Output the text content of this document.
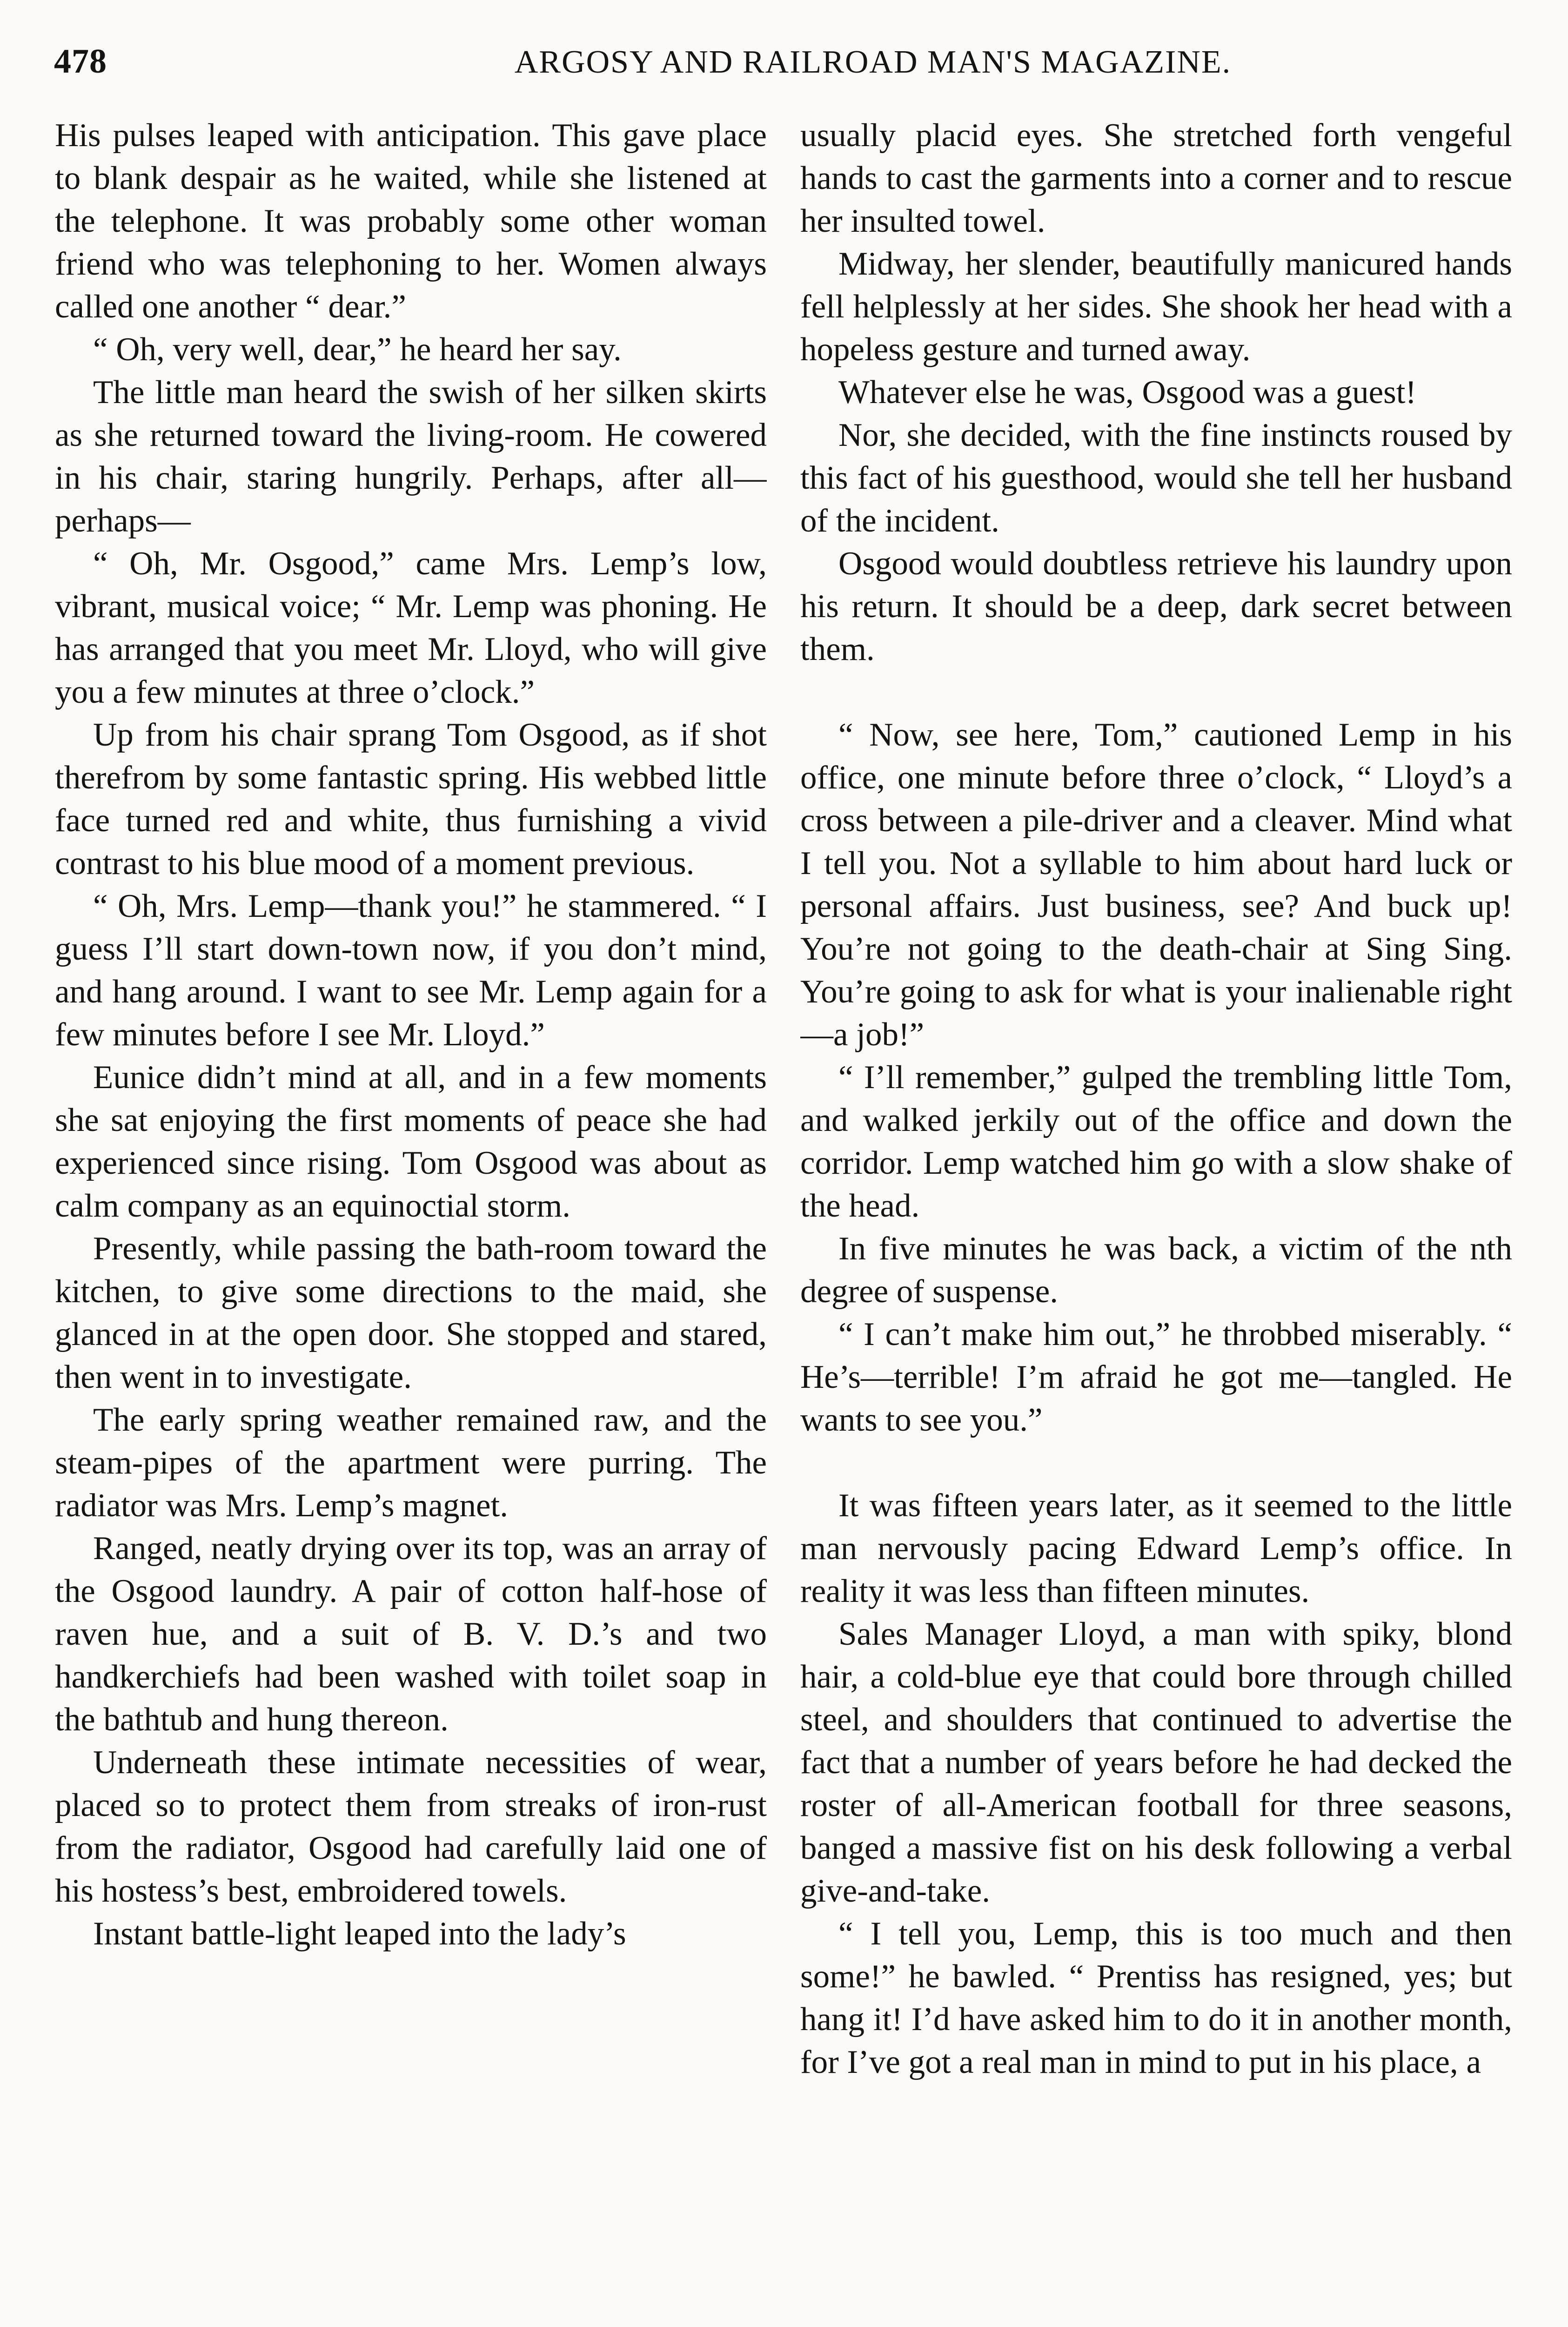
478	ARGOSY AND RAILROAD MAN'S MAGAZINE.

His pulses leaped with anticipation. This gave place to blank despair as he waited, while she listened at the telephone. It was probably some other woman friend who was telephoning to her. Women always called one another “ dear.”

“ Oh, very well, dear,” he heard her say.

The little man heard the swish of her silken skirts as she returned toward the living-room. He cowered in his chair, staring hungrily. Perhaps, after all—perhaps—

“ Oh, Mr. Osgood,” came Mrs. Lemp’s low, vibrant, musical voice; “ Mr. Lemp was phoning. He has arranged that you meet Mr. Lloyd, who will give you a few minutes at three o’clock.”

Up from his chair sprang Tom Osgood, as if shot therefrom by some fantastic spring. His webbed little face turned red and white, thus furnishing a vivid contrast to his blue mood of a moment previous.

“ Oh, Mrs. Lemp—thank you!” he stammered. “ I guess I’ll start down-town now, if you don’t mind, and hang around. I want to see Mr. Lemp again for a few minutes before I see Mr. Lloyd.”

Eunice didn’t mind at all, and in a few moments she sat enjoying the first moments of peace she had experienced since rising. Tom Osgood was about as calm company as an equinoctial storm.

Presently, while passing the bath-room toward the kitchen, to give some directions to the maid, she glanced in at the open door. She stopped and stared, then went in to investigate.

The early spring weather remained raw, and the steam-pipes of the apartment were purring. The radiator was Mrs. Lemp’s magnet.

Ranged, neatly drying over its top, was an array of the Osgood laundry. A pair of cotton half-hose of raven hue, and a suit of B. V. D.’s and two handkerchiefs had been washed with toilet soap in the bathtub and hung thereon.

Underneath these intimate necessities of wear, placed so to protect them from streaks of iron-rust from the radiator, Osgood had carefully laid one of his hostess’s best, embroidered towels.

Instant battle-light leaped into the lady’s

usually placid eyes. She stretched forth vengeful hands to cast the garments into a corner and to rescue her insulted towel.

Midway, her slender, beautifully manicured hands fell helplessly at her sides. She shook her head with a hopeless gesture and turned away.

Whatever else he was, Osgood was a guest!

Nor, she decided, with the fine instincts roused by this fact of his guesthood, would she tell her husband of the incident.

Osgood would doubtless retrieve his laundry upon his return. It should be a deep, dark secret between them.

“ Now, see here, Tom,” cautioned Lemp in his office, one minute before three o’clock, “ Lloyd’s a cross between a pile-driver and a cleaver. Mind what I tell you. Not a syllable to him about hard luck or personal affairs. Just business, see? And buck up! You’re not going to the death-chair at Sing Sing. You’re going to ask for what is your inalienable right—a job!”

“ I’ll remember,” gulped the trembling little Tom, and walked jerkily out of the office and down the corridor. Lemp watched him go with a slow shake of the head.

In five minutes he was back, a victim of the nth degree of suspense.

“ I can’t make him out,” he throbbed miserably. “ He’s—terrible! I’m afraid he got me—tangled. He wants to see you.”

It was fifteen years later, as it seemed to the little man nervously pacing Edward Lemp’s office. In reality it was less than fifteen minutes.

Sales Manager Lloyd, a man with spiky, blond hair, a cold-blue eye that could bore through chilled steel, and shoulders that continued to advertise the fact that a number of years before he had decked the roster of all-American football for three seasons, banged a massive fist on his desk following a verbal give-and-take.

“ I tell you, Lemp, this is too much and then some!” he bawled. “ Prentiss has resigned, yes; but hang it! I’d have asked him to do it in another month, for I’ve got a real man in mind to put in his place, a
